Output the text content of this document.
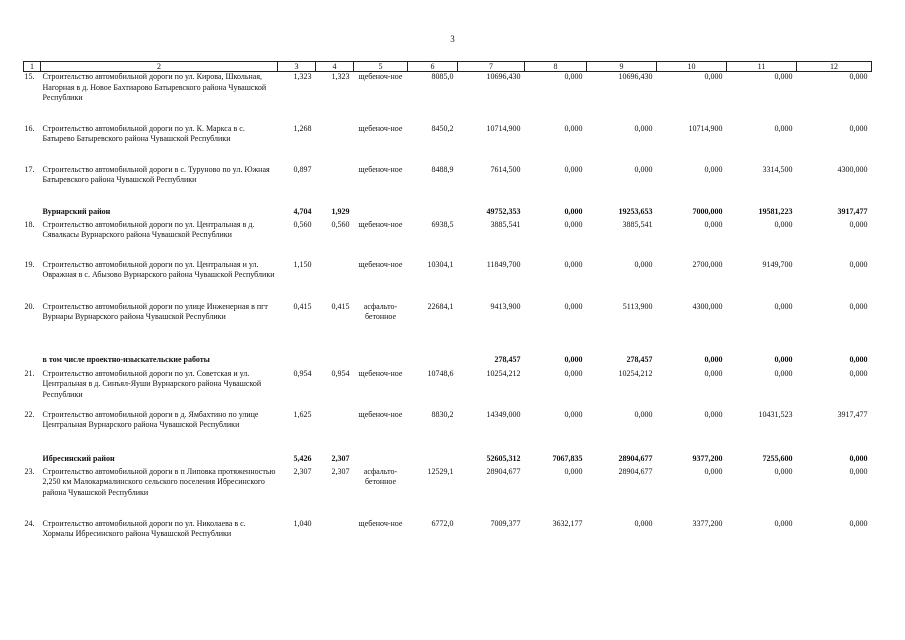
3
1	2	3	4	5	6	7	8	9	10	11	12
15.	Строительство автомобильной дороги по ул. Кирова, Школьная, Нагорная в д. Новое Бахтиарово Батыревского района Чувашской Республики	1,323	1,323	щебеноч-ное	8085,0	10696,430	0,000	10696,430	0,000	0,000	0,000
16.	Строительство автомобильной дороги по ул. К. Маркса в с. Батырево Батыревского района Чувашской Республики	1,268		щебеноч-ное	8450,2	10714,900	0,000	0,000	10714,900	0,000	0,000
17.	Строительство автомобильной дороги в с. Туруново по ул. Южная Батыревского района Чувашской Республики	0,897		щебеноч-ное	8488,9	7614,500	0,000	0,000	0,000	3314,500	4300,000
	Вурнарский район	4,704	1,929			49752,353	0,000	19253,653	7000,000	19581,223	3917,477
18.	Строительство автомобильной дороги по ул. Центральная в д. Сявалкасы Вурнарского района Чувашской Республики	0,560	0,560	щебеноч-ное	6938,5	3885,541	0,000	3885,541	0,000	0,000	0,000
19.	Строительство автомобильной дороги по ул. Центральная и ул. Овражная в с. Абызово Вурнарского района Чувашской Республики	1,150		щебеноч-ное	10304,1	11849,700	0,000	0,000	2700,000	9149,700	0,000
20.	Строительство автомобильной дороги по улице Инженерная в пгт Вурнары Вурнарского района Чувашской Республики	0,415	0,415	асфальто-бетонное	22684,1	9413,900	0,000	5113,900	4300,000	0,000	0,000
	в том числе проектно-изыскательские работы					278,457	0,000	278,457	0,000	0,000	0,000
21.	Строительство автомобильной дороги по ул. Советская и ул. Центральная в д. Синъял-Яуши Вурнарского района Чувашской Республики	0,954	0,954	щебеноч-ное	10748,6	10254,212	0,000	10254,212	0,000	0,000	0,000
22.	Строительство автомобильной дороги в д. Ямбахтино по улице Центральная Вурнарского района Чувашской Республики	1,625		щебеноч-ное	8830,2	14349,000	0,000	0,000	0,000	10431,523	3917,477
	Ибресинский район	5,426	2,307			52605,312	7067,835	28904,677	9377,200	7255,600	0,000
23.	Строительство автомобильной дороги в п Липовка протяженностью 2,250 км Малокармалинского сельского поселения Ибресинского района Чувашской Республики	2,307	2,307	асфальто-бетонное	12529,1	28904,677	0,000	28904,677	0,000	0,000	0,000
24.	Строительство автомобильной дороги по ул. Николаева в с. Хормалы Ибресинского района Чувашской Республики	1,040		щебеноч-ное	6772,0	7009,377	3632,177	0,000	3377,200	0,000	0,000
